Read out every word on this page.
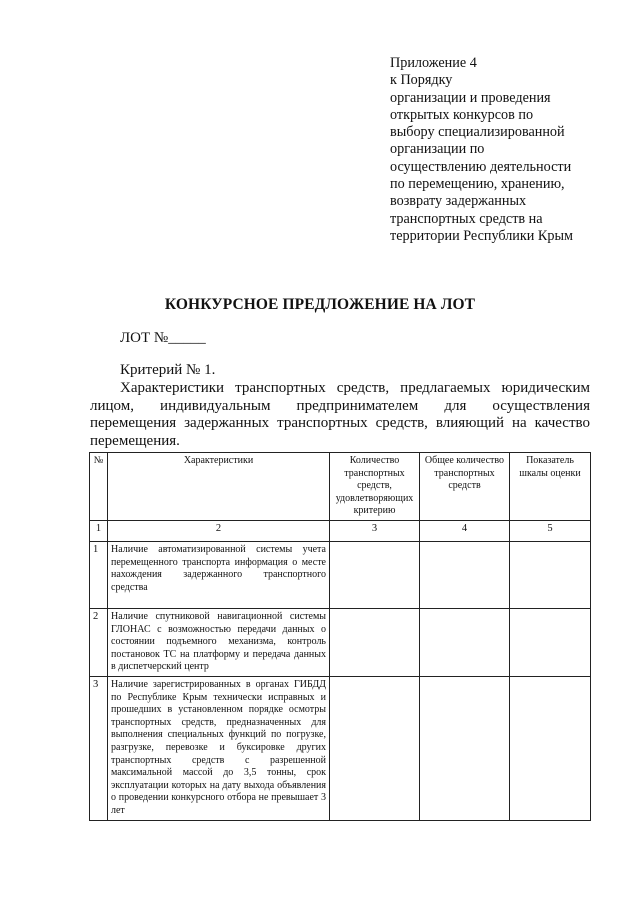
Приложение 4
к Порядку
организации и проведения
открытых конкурсов по
выбору специализированной
организации по
осуществлению деятельности
по перемещению, хранению,
возврату задержанных
транспортных средств на
территории Республики Крым
КОНКУРСНОЕ ПРЕДЛОЖЕНИЕ НА ЛОТ
ЛОТ №_____
Критерий № 1.
Характеристики транспортных средств, предлагаемых юридическим лицом, индивидуальным предпринимателем для осуществления перемещения задержанных транспортных средств, влияющий на качество перемещения.
№	Характеристики	Количество транспортных средств, удовлетворяющих критерию	Общее количество транспортных средств	Показатель шкалы оценки
1	2	3	4	5
1	Наличие автоматизированной системы учета перемещенного транспорта информация о месте нахождения задержанного транспортного средства			
2	Наличие спутниковой навигационной системы ГЛОНАС с возможностью передачи данных о состоянии подъемного механизма, контроль постановок ТС на платформу и передача данных в диспетчерский центр			
3	Наличие зарегистрированных в органах ГИБДД по Республике Крым технически исправных и прошедших в установленном порядке осмотры транспортных средств, предназначенных для выполнения специальных функций по погрузке, разгрузке, перевозке и буксировке других транспортных средств с разрешенной максимальной массой до 3,5 тонны, срок эксплуатации которых на дату выхода объявления о проведении конкурсного отбора не превышает 3 лет			
